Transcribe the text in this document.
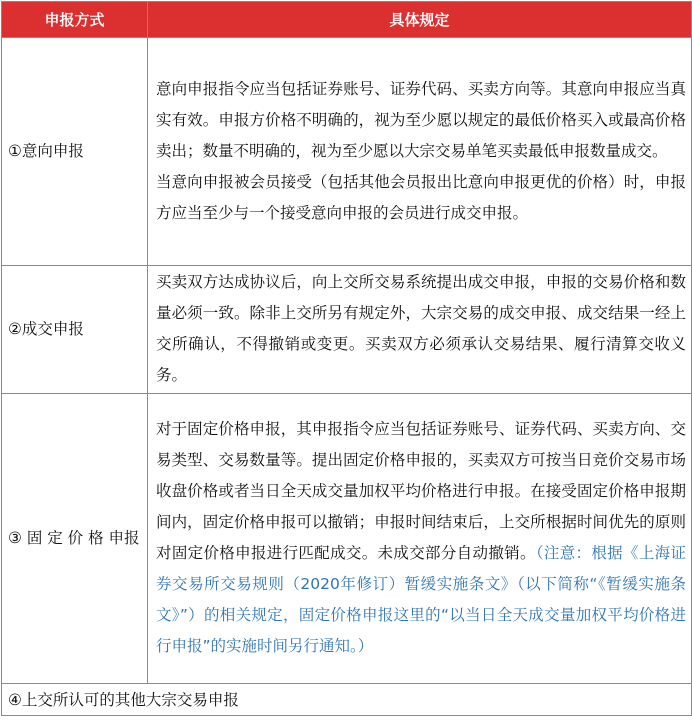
申报方式	具体规定
①意向申报	意向申报指令应当包括证券账号、证券代码、买卖方向等。其意向申报应当真实有效。申报方价格不明确的，视为至少愿以规定的最低价格买入或最高价格卖出；数量不明确的，视为至少愿以大宗交易单笔买卖最低申报数量成交。

当意向申报被会员接受（包括其他会员报出比意向申报更优的价格）时，申报方应当至少与一个接受意向申报的会员进行成交申报。

②成交申报	买卖双方达成协议后，向上交所交易系统提出成交申报，申报的交易价格和数量必须一致。除非上交所另有规定外，大宗交易的成交申报、成交结果一经上交所确认，不得撤销或变更。买卖双方必须承认交易结果、履行清算交收义务。

③ 固 定 价 格 申报	对于固定价格申报，其申报指令应当包括证券账号、证券代码、买卖方向、交易类型、交易数量等。提出固定价格申报的，买卖双方可按当日竞价交易市场收盘价格或者当日全天成交量加权平均价格进行申报。在接受固定价格申报期间内，固定价格申报可以撤销；申报时间结束后，上交所根据时间优先的原则对固定价格申报进行匹配成交。未成交部分自动撤销。（注意：根据《上海证券交易所交易规则（2020年修订）暂缓实施条文》（以下简称“《暂缓实施条文》”）的相关规定，固定价格申报这里的“以当日全天成交量加权平均价格进行申报”的实施时间另行通知。）

④上交所认可的其他大宗交易申报	
